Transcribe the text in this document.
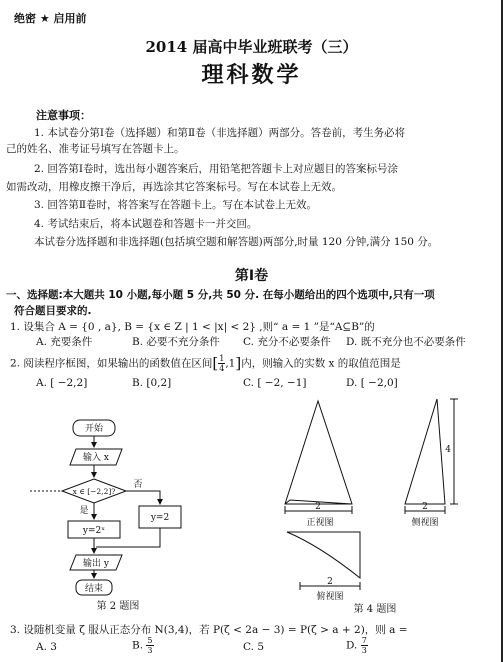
绝密 ★ 启用前
2014 届高中毕业班联考（三）
理科数学
注意事项：
1. 本试卷分第Ⅰ卷（选择题）和第Ⅱ卷（非选择题）两部分。答卷前，考生务必将
己的姓名、准考证号填写在答题卡上。
2. 回答第Ⅰ卷时，选出每小题答案后，用铅笔把答题卡上对应题目的答案标号涂
如需改动，用橡皮擦干净后，再选涂其它答案标号。写在本试卷上无效。
3. 回答第Ⅱ卷时，将答案写在答题卡上。写在本试卷上无效。
4. 考试结束后，将本试题卷和答题卡一并交回。
本试卷分选择题和非选择题(包括填空题和解答题)两部分,时量 120 分钟,满分 150 分。
第Ⅰ卷
一、选择题:本大题共 10 小题,每小题 5 分,共 50 分. 在每小题给出的四个选项中,只有一项
符合题目要求的.
1. 设集合 A = {0 , a}, B = {x ∈ Z | 1 < |x| < 2} ,则“ a = 1 ”是“A⊆B”的
A. 充要条件	B. 必要不充分条件 C. 充分不必要条件 D. 既不充分也不必要条件
2. 阅读程序框图，如果输出的函数值在区间[ $\frac{1}{4} ,1$]内，则输入的实数 x 的取值范围是
A. [ −2,2]	B. [0,2]	C. [ −2, −1]	D. [ −2,0]
开始
输入 x
x ∈ [−2,2]?
否
是
y=2ˣ
y=2
输出 y
结束
第 2 题图
2
正视图
4
2
侧视图
2
俯视图
第 4 题图
3. 设随机变量 ζ 服从正态分布 N(3,4)，若 P(ζ < 2a − 3) = P(ζ > a + 2)，则 a =
A. 3	B. $\frac{5}{3}$	C. 5	D. $\frac{7}{3}$
